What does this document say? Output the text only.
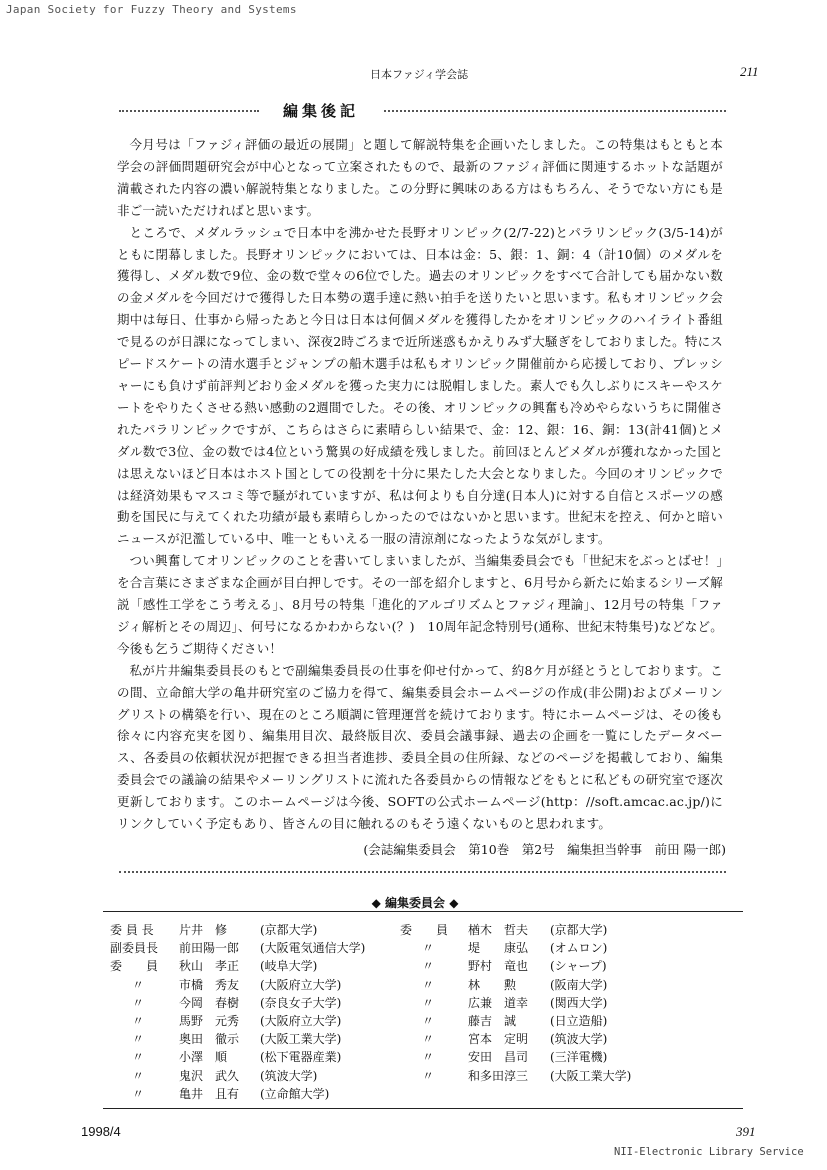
Japan Society for Fuzzy Theory and Systems
日本ファジィ学会誌	211
編集後記

今月号は「ファジィ評価の最近の展開」と題して解説特集を企画いたしました。この特集はもともと本学会の評価問題研究会が中心となって立案されたもので、最新のファジィ評価に関連するホットな話題が満載された内容の濃い解説特集となりました。この分野に興味のある方はもちろん、そうでない方にも是非ご一読いただければと思います。

ところで、メダルラッシュで日本中を沸かせた長野オリンピック(2/7-22)とパラリンピック(3/5-14)がともに閉幕しました。長野オリンピックにおいては、日本は金：5、銀：1、銅：4（計10個）のメダルを獲得し、メダル数で9位、金の数で堂々の6位でした。過去のオリンピックをすべて合計しても届かない数の金メダルを今回だけで獲得した日本勢の選手達に熱い拍手を送りたいと思います。私もオリンピック会期中は毎日、仕事から帰ったあと今日は日本は何個メダルを獲得したかをオリンピックのハイライト番組で見るのが日課になってしまい、深夜2時ごろまで近所迷惑もかえりみず大騒ぎをしておりました。特にスピードスケートの清水選手とジャンプの船木選手は私もオリンピック開催前から応援しており、プレッシャーにも負けず前評判どおり金メダルを獲った実力には脱帽しました。素人でも久しぶりにスキーやスケートをやりたくさせる熱い感動の2週間でした。その後、オリンピックの興奮も冷めやらないうちに開催されたパラリンピックですが、こちらはさらに素晴らしい結果で、金：12、銀：16、銅：13(計41個)とメダル数で3位、金の数では4位という驚異の好成績を残しました。前回ほとんどメダルが獲れなかった国とは思えないほど日本はホスト国としての役割を十分に果たした大会となりました。今回のオリンピックでは経済効果もマスコミ等で騒がれていますが、私は何よりも自分達(日本人)に対する自信とスポーツの感動を国民に与えてくれた功績が最も素晴らしかったのではないかと思います。世紀末を控え、何かと暗いニュースが氾濫している中、唯一ともいえる一服の清涼剤になったような気がします。

つい興奮してオリンピックのことを書いてしまいましたが、当編集委員会でも「世紀末をぶっとばせ！」を合言葉にさまざまな企画が目白押しです。その一部を紹介しますと、6月号から新たに始まるシリーズ解説「感性工学をこう考える」、8月号の特集「進化的アルゴリズムとファジィ理論」、12月号の特集「ファジィ解析とその周辺」、何号になるかわからない(？)　10周年記念特別号(通称、世紀末特集号)などなど。今後も乞うご期待ください！

私が片井編集委員長のもとで副編集委員長の仕事を仰せ付かって、約8ケ月が経とうとしております。この間、立命館大学の亀井研究室のご協力を得て、編集委員会ホームページの作成(非公開)およびメーリングリストの構築を行い、現在のところ順調に管理運営を続けております。特にホームページは、その後も徐々に内容充実を図り、編集用目次、最終版目次、委員会議事録、過去の企画を一覧にしたデータベース、各委員の依頼状況が把握できる担当者進捗、委員全員の住所録、などのページを掲載しており、編集委員会での議論の結果やメーリングリストに流れた各委員からの情報などをもとに私どもの研究室で逐次更新しております。このホームページは今後、SOFTの公式ホームページ(http：//soft.amcac.ac.jp/)にリンクしていく予定もあり、皆さんの目に触れるのもそう遠くないものと思われます。

(会誌編集委員会　第10巻　第2号　編集担当幹事　前田 陽一郎)
◆ 編集委員会 ◆
委 員 長 片井　修	(京都大学)
副委員長 前田陽一郎 (大阪電気通信大学)
委　　員 秋山　孝正 (岐阜大学)
〃	市橋　秀友 (大阪府立大学)
〃	今岡　春樹 (奈良女子大学)
〃	馬野　元秀 (大阪府立大学)
〃	奥田　徹示 (大阪工業大学)
〃	小澤　順	(松下電器産業)
〃	鬼沢　武久 (筑波大学)
〃	亀井　且有 (立命館大学)
委　　員 楢木　哲夫 (京都大学)
〃	堤　　康弘 (オムロン)
〃	野村　竜也 (シャープ)
〃	林　　勲	(阪南大学)
〃	広兼　道幸 (関西大学)
〃	藤吉　誠	(日立造船)
〃	宮本　定明 (筑波大学)
〃	安田　昌司 (三洋電機)
〃	和多田淳三 (大阪工業大学)
1998/4	391
NII-Electronic Library Service
